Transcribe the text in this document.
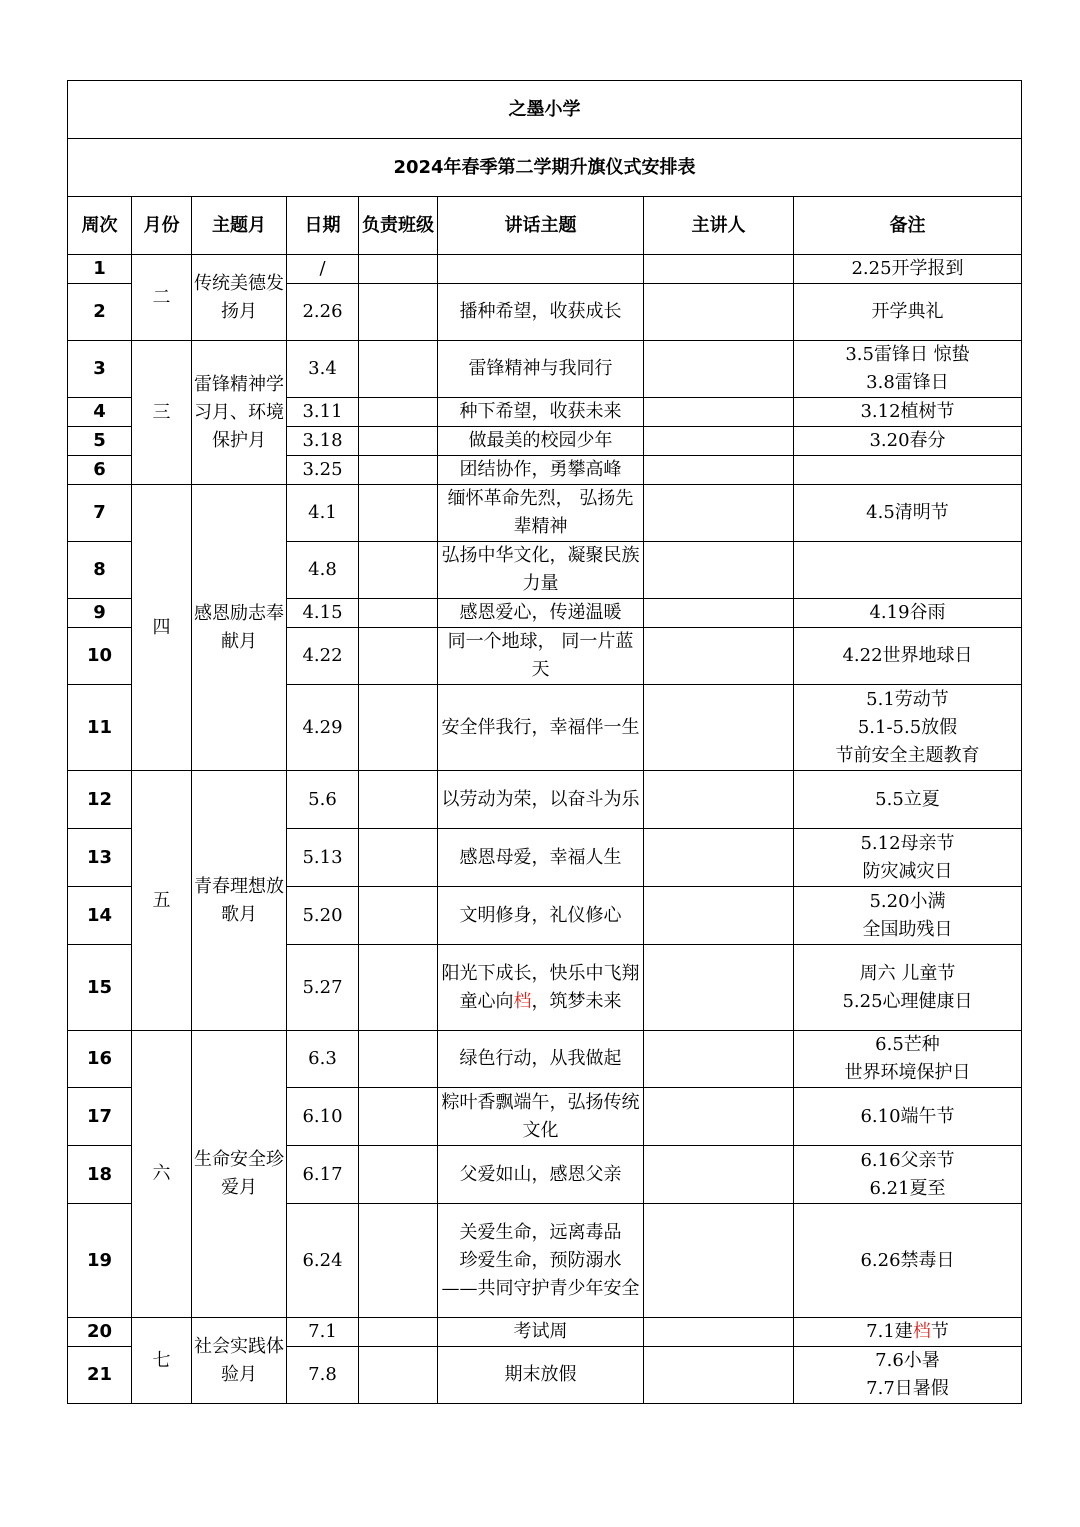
之墨小学							
2024年春季第二学期升旗仪式安排表							
周次	月份	主题月	日期	负责班级	讲话主题	主讲人	备注
1	二	传统美德发扬月	/				2.25开学报到

2			2.26		播种希望，收获成长		开学典礼

3	三	雷锋精神学习月、环境保护月	3.4		雷锋精神与我同行		3.5雷锋日 惊蛰
3.8雷锋日

4			3.11		种下希望，收获未来		3.12植树节

5			3.18		做最美的校园少年		3.20春分

6			3.25		团结协作，勇攀高峰		
7	四	感恩励志奉献月	4.1		缅怀革命先烈， 弘扬先辈精神		4.5清明节

8			4.8		弘扬中华文化，凝聚民族力量		
9			4.15		感恩爱心，传递温暖		4.19谷雨

10			4.22		同一个地球， 同一片蓝天		4.22世界地球日

11			4.29		安全伴我行，幸福伴一生		5.1劳动节
5.1-5.5放假
节前安全主题教育

12	五	青春理想放歌月	5.6		以劳动为荣，以奋斗为乐		5.5立夏

13			5.13		感恩母爱，幸福人生		5.12母亲节
防灾减灾日

14			5.20		文明修身，礼仪修心		5.20小满
全国助残日

15			5.27		阳光下成长，快乐中飞翔
童心向档，筑梦未来		周六 儿童节
5.25心理健康日

16	六	生命安全珍爱月	6.3		绿色行动，从我做起		6.5芒种
世界环境保护日

17			6.10		粽叶香飘端午，弘扬传统文化		6.10端午节

18			6.17		父爱如山，感恩父亲		6.16父亲节
6.21夏至

19			6.24		关爱生命，远离毒品
珍爱生命，预防溺水
——共同守护青少年安全		6.26禁毒日

20	七	社会实践体验月	7.1		考试周		7.1建档节
21			7.8		期末放假		7.6小暑
7.7日暑假
